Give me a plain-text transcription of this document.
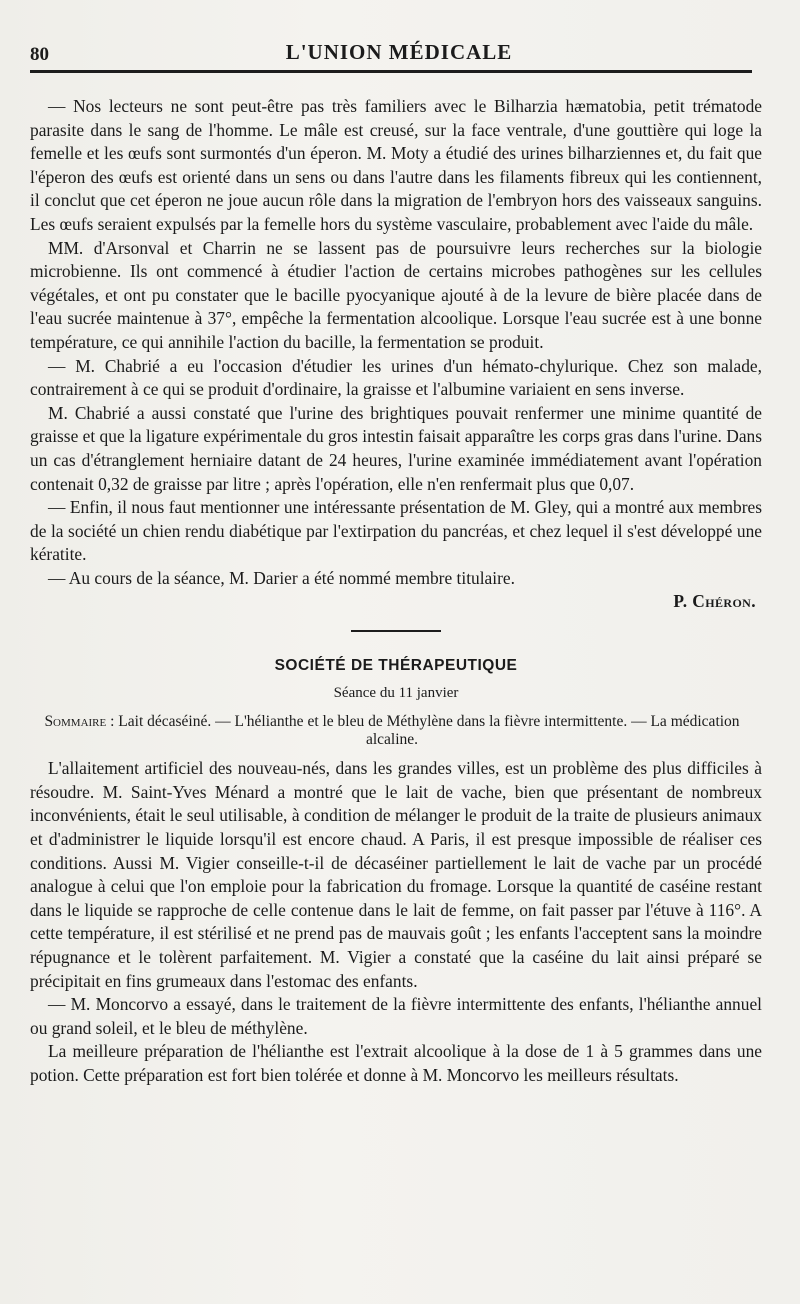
80	L'UNION MÉDICALE

— Nos lecteurs ne sont peut-être pas très familiers avec le Bilharzia hæmatobia, petit trématode parasite dans le sang de l'homme. Le mâle est creusé, sur la face ventrale, d'une gouttière qui loge la femelle et les œufs sont surmontés d'un éperon. M. Moty a étudié des urines bilharziennes et, du fait que l'éperon des œufs est orienté dans un sens ou dans l'autre dans les filaments fibreux qui les contiennent, il conclut que cet éperon ne joue aucun rôle dans la migration de l'embryon hors des vaisseaux sanguins. Les œufs seraient expulsés par la femelle hors du système vasculaire, probablement avec l'aide du mâle.

MM. d'Arsonval et Charrin ne se lassent pas de poursuivre leurs recherches sur la biologie microbienne. Ils ont commencé à étudier l'action de certains microbes pathogènes sur les cellules végétales, et ont pu constater que le bacille pyocyanique ajouté à de la levure de bière placée dans de l'eau sucrée maintenue à 37°, empêche la fermentation alcoolique. Lorsque l'eau sucrée est à une bonne température, ce qui annihile l'action du bacille, la fermentation se produit.

— M. Chabrié a eu l'occasion d'étudier les urines d'un hémato-chylurique. Chez son malade, contrairement à ce qui se produit d'ordinaire, la graisse et l'albumine variaient en sens inverse.

M. Chabrié a aussi constaté que l'urine des brightiques pouvait renfermer une minime quantité de graisse et que la ligature expérimentale du gros intestin faisait apparaître les corps gras dans l'urine. Dans un cas d'étranglement herniaire datant de 24 heures, l'urine examinée immédiatement avant l'opération contenait 0,32 de graisse par litre ; après l'opération, elle n'en renfermait plus que 0,07.

— Enfin, il nous faut mentionner une intéressante présentation de M. Gley, qui a montré aux membres de la société un chien rendu diabétique par l'extirpation du pancréas, et chez lequel il s'est développé une kératite.

— Au cours de la séance, M. Darier a été nommé membre titulaire.

P. Chéron.
SOCIÉTÉ DE THÉRAPEUTIQUE
Séance du 11 janvier
Sommaire : Lait décaséiné. — L'hélianthe et le bleu de Méthylène dans la fièvre intermittente. — La médication alcaline.

L'allaitement artificiel des nouveau-nés, dans les grandes villes, est un problème des plus difficiles à résoudre. M. Saint-Yves Ménard a montré que le lait de vache, bien que présentant de nombreux inconvénients, était le seul utilisable, à condition de mélanger le produit de la traite de plusieurs animaux et d'administrer le liquide lorsqu'il est encore chaud. A Paris, il est presque impossible de réaliser ces conditions. Aussi M. Vigier conseille-t-il de décaséiner partiellement le lait de vache par un procédé analogue à celui que l'on emploie pour la fabrication du fromage. Lorsque la quantité de caséine restant dans le liquide se rapproche de celle contenue dans le lait de femme, on fait passer par l'étuve à 116°. A cette température, il est stérilisé et ne prend pas de mauvais goût ; les enfants l'acceptent sans la moindre répugnance et le tolèrent parfaitement. M. Vigier a constaté que la caséine du lait ainsi préparé se précipitait en fins grumeaux dans l'estomac des enfants.

— M. Moncorvo a essayé, dans le traitement de la fièvre intermittente des enfants, l'hélianthe annuel ou grand soleil, et le bleu de méthylène.

La meilleure préparation de l'hélianthe est l'extrait alcoolique à la dose de 1 à 5 grammes dans une potion. Cette préparation est fort bien tolérée et donne à M. Moncorvo les meilleurs résultats.
